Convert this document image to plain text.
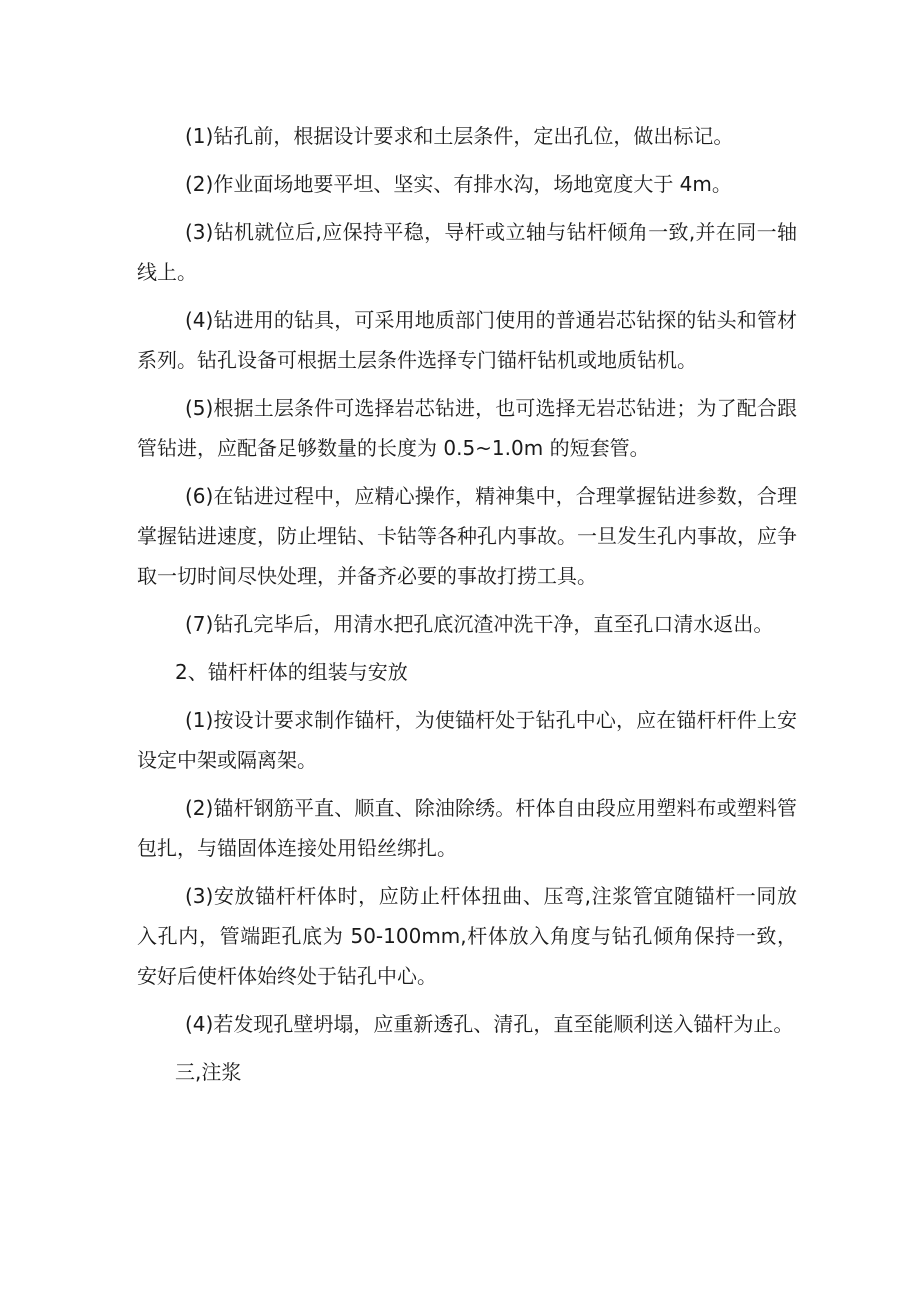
(1)钻孔前，根据设计要求和土层条件，定出孔位，做出标记。

(2)作业面场地要平坦、坚实、有排水沟，场地宽度大于 4m。

(3)钻机就位后,应保持平稳，导杆或立轴与钻杆倾角一致,并在同一轴线上。

(4)钻进用的钻具，可采用地质部门使用的普通岩芯钻探的钻头和管材系列。钻孔设备可根据土层条件选择专门锚杆钻机或地质钻机。

(5)根据土层条件可选择岩芯钻进，也可选择无岩芯钻进；为了配合跟管钻进，应配备足够数量的长度为 0.5~1.0m 的短套管。

(6)在钻进过程中，应精心操作，精神集中，合理掌握钻进参数，合理掌握钻进速度，防止埋钻、卡钻等各种孔内事故。一旦发生孔内事故，应争取一切时间尽快处理，并备齐必要的事故打捞工具。

(7)钻孔完毕后，用清水把孔底沉渣冲洗干净，直至孔口清水返出。

2、锚杆杆体的组装与安放

(1)按设计要求制作锚杆，为使锚杆处于钻孔中心，应在锚杆杆件上安设定中架或隔离架。

(2)锚杆钢筋平直、顺直、除油除绣。杆体自由段应用塑料布或塑料管包扎，与锚固体连接处用铅丝绑扎。

(3)安放锚杆杆体时，应防止杆体扭曲、压弯,注浆管宜随锚杆一同放入孔内，管端距孔底为 50-100mm,杆体放入角度与钻孔倾角保持一致，安好后使杆体始终处于钻孔中心。

(4)若发现孔壁坍塌，应重新透孔、清孔，直至能顺利送入锚杆为止。

三,注浆
